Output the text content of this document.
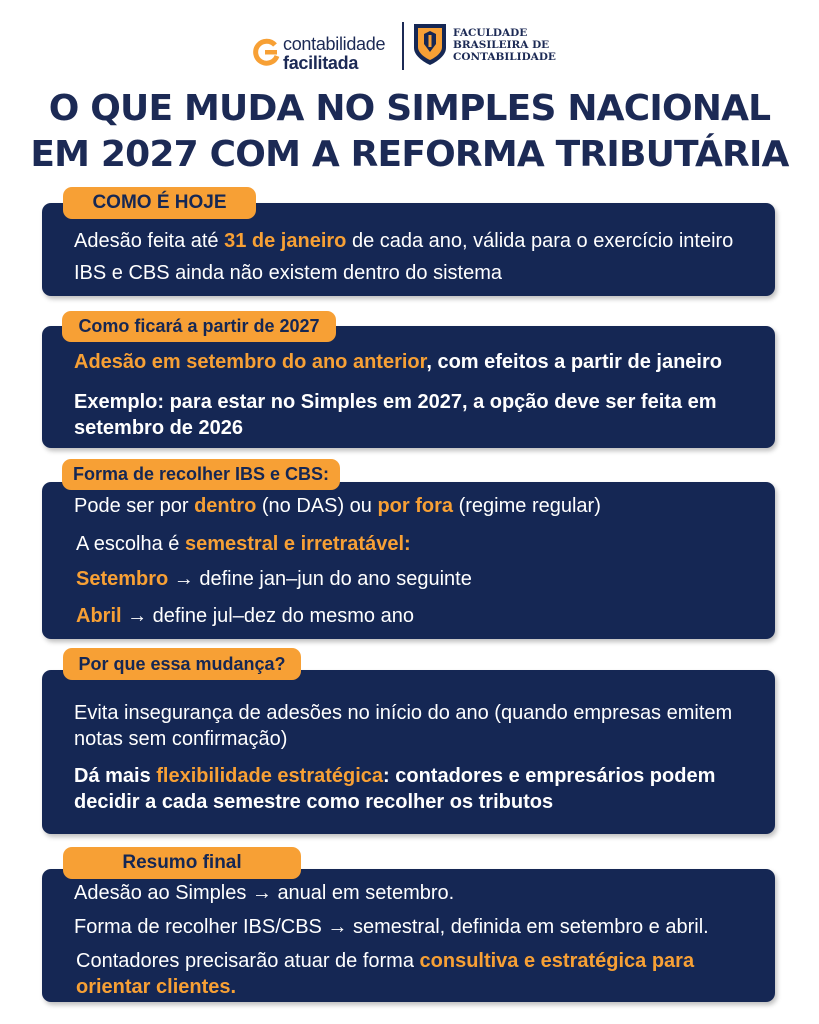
contabilidade
facilitada
FACULDADE
BRASILEIRA DE
CONTABILIDADE
O QUE MUDA NO SIMPLES NACIONAL
EM 2027 COM A REFORMA TRIBUTÁRIA
Adesão feita até 31 de janeiro de cada ano, válida para o exercício inteiro
IBS e CBS ainda não existem dentro do sistema
COMO É HOJE
Adesão em setembro do ano anterior, com efeitos a partir de janeiro
Exemplo: para estar no Simples em 2027, a opção deve ser feita em
setembro de 2026
Como ficará a partir de 2027
Pode ser por dentro (no DAS) ou por fora (regime regular)
A escolha é semestral e irretratável:
Setembro → define jan–jun do ano seguinte
Abril → define jul–dez do mesmo ano
Forma de recolher IBS e CBS:
Evita insegurança de adesões no início do ano (quando empresas emitem
notas sem confirmação)
Dá mais flexibilidade estratégica: contadores e empresários podem
decidir a cada semestre como recolher os tributos
Por que essa mudança?
Adesão ao Simples → anual em setembro.
Forma de recolher IBS/CBS → semestral, definida em setembro e abril.
Contadores precisarão atuar de forma consultiva e estratégica para
orientar clientes.
Resumo final
